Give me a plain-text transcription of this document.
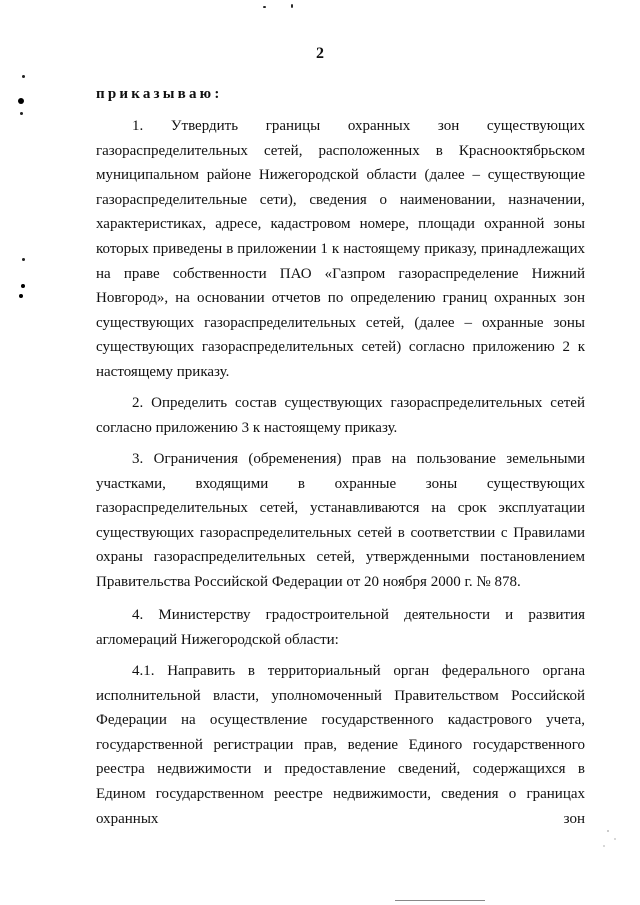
2
приказываю:

1. Утвердить границы охранных зон существующих газораспределительных сетей, расположенных в Краснооктябрьском муниципальном районе Нижегородской области (далее – существующие газораспределительные сети), сведения о наименовании, назначении, характеристиках, адресе, кадастровом номере, площади охранной зоны которых приведены в приложении 1 к настоящему приказу, принадлежащих на праве собственности ПАО «Газпром газораспределение Нижний Новгород», на основании отчетов по определению границ охранных зон существующих газораспределительных сетей, (далее – охранные зоны существующих газораспределительных сетей) согласно приложению 2 к настоящему приказу.

2. Определить состав существующих газораспределительных сетей согласно приложению 3 к настоящему приказу.

3. Ограничения (обременения) прав на пользование земельными участками, входящими в охранные зоны существующих газораспределительных сетей, устанавливаются на срок эксплуатации существующих газораспределительных сетей в соответствии с Правилами охраны газораспределительных сетей, утвержденными постановлением Правительства Российской Федерации от 20 ноября 2000 г. № 878.

4. Министерству градостроительной деятельности и развития агломераций Нижегородской области:

4.1. Направить в территориальный орган федерального органа исполнительной власти, уполномоченный Правительством Российской Федерации на осуществление государственного кадастрового учета, государственной регистрации прав, ведение Единого государственного реестра недвижимости и предоставление сведений, содержащихся в Едином государственном реестре недвижимости, сведения о границах охранных зон
